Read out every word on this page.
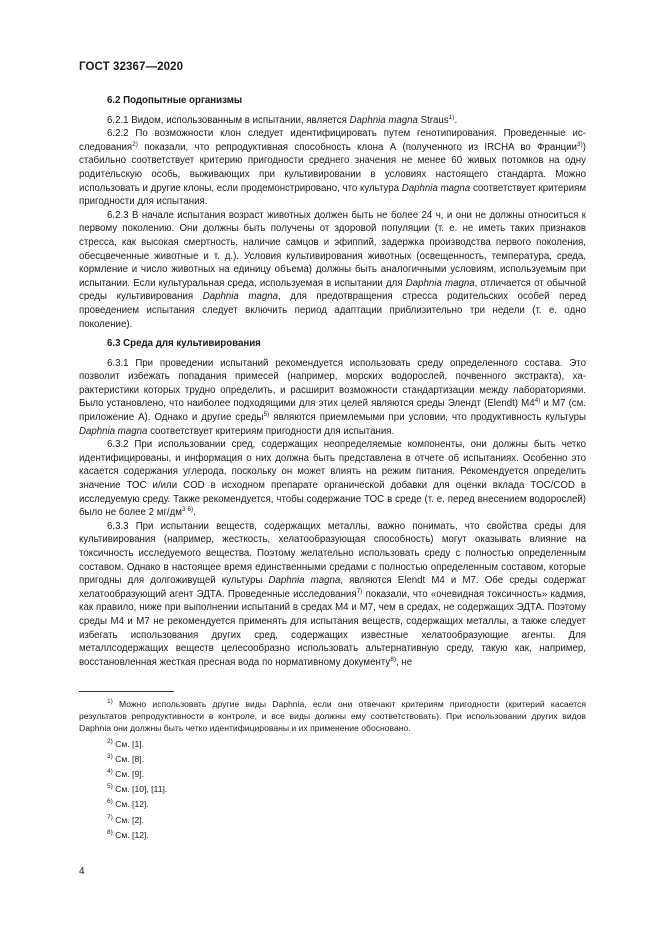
ГОСТ 32367—2020

6.2 Подопытные организмы

6.2.1 Видом, использованным в испытании, является Daphnia magna Straus$^{1)}$.

6.2.2 По возможности клон следует идентифицировать путем генотипирования. Проведенные исследования$^{2)}$ показали, что репродуктивная способность клона А (полученного из IRCHA во Франции$^{3)}$) стабильно соответствует критерию пригодности среднего значения не менее 60 живых потомков на одну родительскую особь, выживающих при культивировании в условиях настоящего стандарта. Можно использовать и другие клоны, если продемонстрировано, что культура Daphnia magna соответствует критериям пригодности для испытания.

6.2.3 В начале испытания возраст животных должен быть не более 24 ч, и они не должны относиться к первому поколению. Они должны быть получены от здоровой популяции (т. е. не иметь таких признаков стресса, как высокая смертность, наличие самцов и эфиппий, задержка производства первого поколения, обесцвеченные животные и т. д.). Условия культивирования животных (освещенность, температура, среда, кормление и число животных на единицу объема) должны быть аналогичными условиям, используемым при испытании. Если культуральная среда, используемая в испытании для Daphnia magna, отличается от обычной среды культивирования Daphnia magna, для предотвращения стресса родительских особей перед проведением испытания следует включить период адаптации приблизительно три недели (т. е. одно поколение).

6.3 Среда для культивирования

6.3.1 При проведении испытаний рекомендуется использовать среду определенного состава. Это позволит избежать попадания примесей (например, морских водорослей, почвенного экстракта), характеристики которых трудно определить, и расширит возможности стандартизации между лабораториями. Было установлено, что наиболее подходящими для этих целей являются среды Элендт (Elendt) М4$^{4)}$ и М7 (см. приложение А). Однако и другие среды$^{5)}$ являются приемлемыми при условии, что продуктивность культуры Daphnia magna соответствует критериям пригодности для испытания.

6.3.2 При использовании сред, содержащих неопределяемые компоненты, они должны быть четко идентифицированы, и информация о них должна быть представлена в отчете об испытаниях. Особенно это касается содержания углерода, поскольку он может влиять на режим питания. Рекомендуется определить значение ТОС и/или COD в исходном препарате органической добавки для оценки вклада TOC/COD в исследуемую среду. Также рекомендуется, чтобы содержание ТОС в среде (т. е. перед внесением водорослей) было не более 2 $мг/дм^{3 6)}$.

6.3.3 При испытании веществ, содержащих металлы, важно понимать, что свойства среды для культивирования (например, жесткость, хелатообразующая способность) могут оказывать влияние на токсичность исследуемого вещества. Поэтому желательно использовать среду с полностью определенным составом. Однако в настоящее время единственными средами с полностью определенным составом, которые пригодны для долгоживущей культуры Daphnia magna, являются Elendt М4 и М7. Обе среды содержат хелатообразующий агент ЭДТА. Проведенные исследования$^{7)}$ показали, что «очевидная токсичность» кадмия, как правило, ниже при выполнении испытаний в средах М4 и М7, чем в средах, не содержащих ЭДТА. Поэтому среды М4 и М7 не рекомендуется применять для испытания веществ, содержащих металлы, а также следует избегать использования других сред, содержащих известные хелатообразующие агенты. Для металлсодержащих веществ целесообразно использовать альтернативную среду, такую как, например, восстановленная жесткая пресная вода по нормативному документу$^{8)}$, не

$^{1)}$ Можно использовать другие виды Daphnia, если они отвечают критериям пригодности (критерий касается результатов репродуктивности в контроле, и все виды должны ему соответствовать). При использовании других видов Daphnia они должны быть четко идентифицированы и их применение обосновано.

$^{2)}$ См. [1].

$^{3)}$ См. [8].

$^{4)}$ См. [9].

$^{5)}$ См. [10], [11].

$^{6)}$ См. [12].

$^{7)}$ См. [2].

$^{8)}$ См. [12].

4
